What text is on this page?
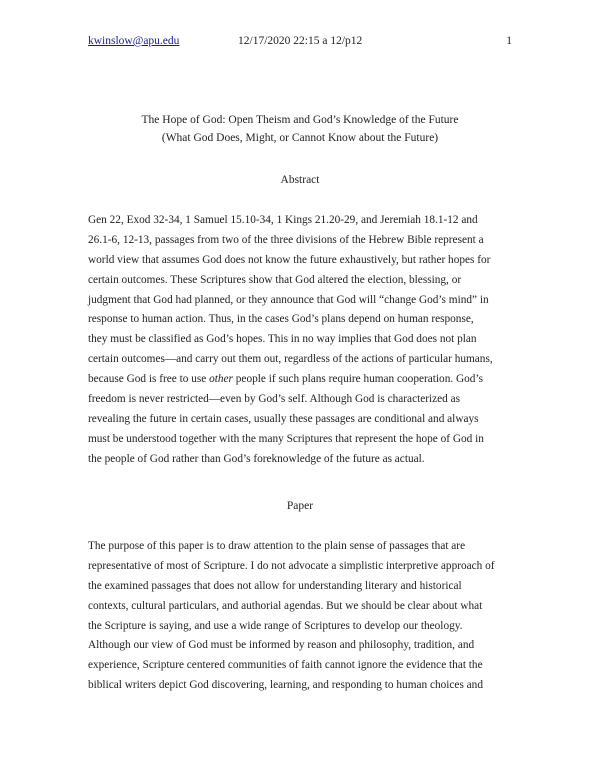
kwinslow@apu.edu	12/17/2020 22:15 a 12/p12	1
The Hope of God: Open Theism and God’s Knowledge of the Future
(What God Does, Might, or Cannot Know about the Future)
Abstract
Gen 22, Exod 32-34, 1 Samuel 15.10-34, 1 Kings 21.20-29, and Jeremiah 18.1-12 and
26.1-6, 12-13, passages from two of the three divisions of the Hebrew Bible represent a
world view that assumes God does not know the future exhaustively, but rather hopes for
certain outcomes. These Scriptures show that God altered the election, blessing, or
judgment that God had planned, or they announce that God will “change God’s mind” in
response to human action. Thus, in the cases God’s plans depend on human response,
they must be classified as God’s hopes. This in no way implies that God does not plan
certain outcomes—and carry out them out, regardless of the actions of particular humans,
because God is free to use other people if such plans require human cooperation. God’s
freedom is never restricted—even by God’s self. Although God is characterized as
revealing the future in certain cases, usually these passages are conditional and always
must be understood together with the many Scriptures that represent the hope of God in
the people of God rather than God’s foreknowledge of the future as actual.
Paper
The purpose of this paper is to draw attention to the plain sense of passages that are
representative of most of Scripture. I do not advocate a simplistic interpretive approach of
the examined passages that does not allow for understanding literary and historical
contexts, cultural particulars, and authorial agendas. But we should be clear about what
the Scripture is saying, and use a wide range of Scriptures to develop our theology.
Although our view of God must be informed by reason and philosophy, tradition, and
experience, Scripture centered communities of faith cannot ignore the evidence that the
biblical writers depict God discovering, learning, and responding to human choices and
